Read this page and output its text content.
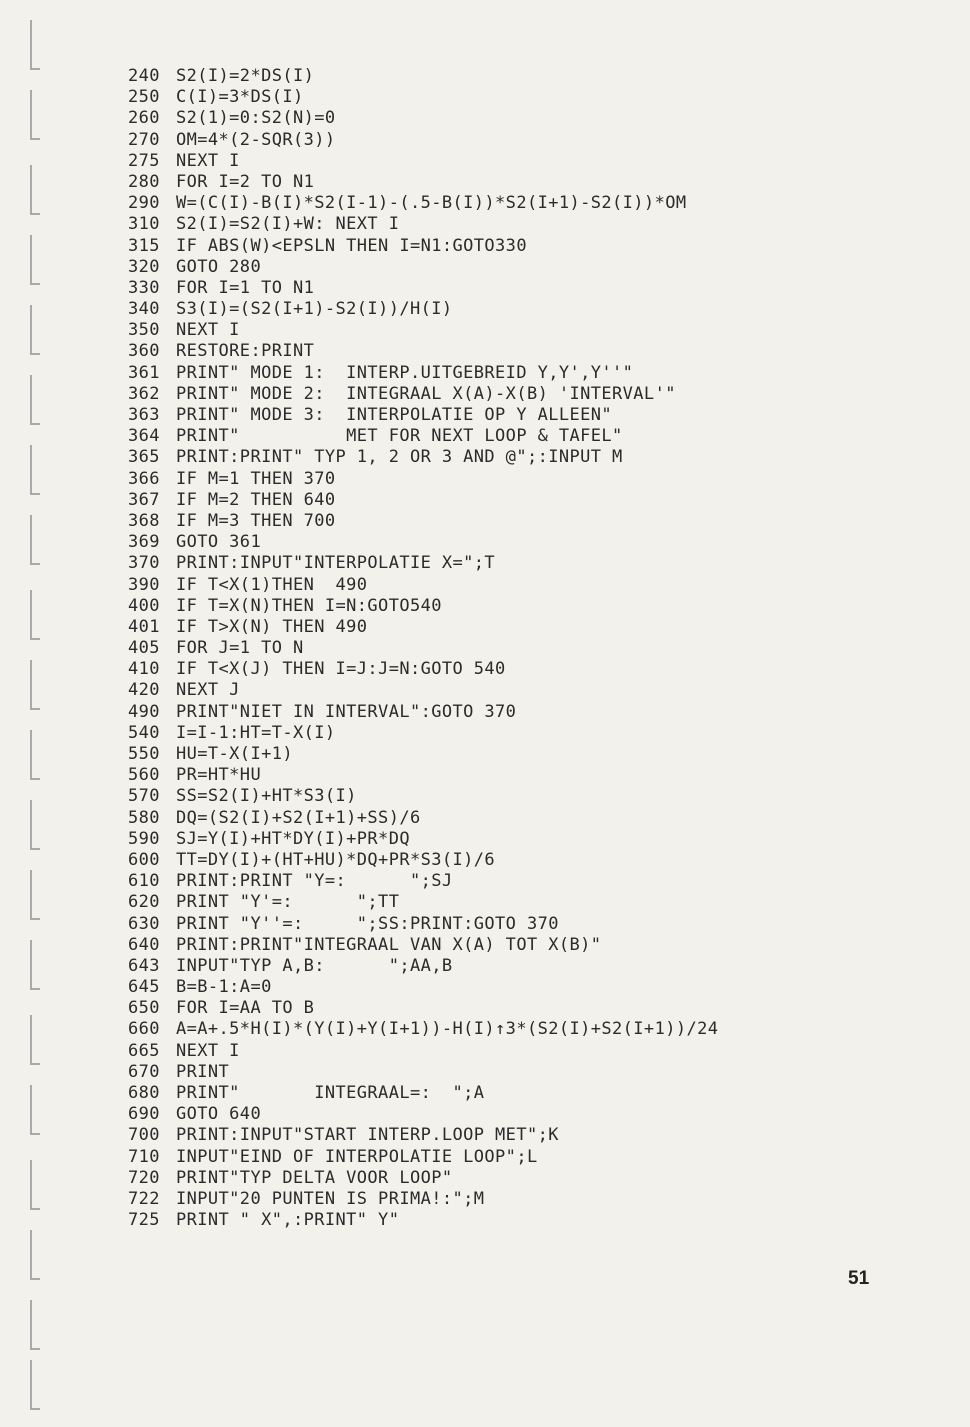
240 S2(I)=2*DS(I)
250 C(I)=3*DS(I)
260 S2(1)=0:S2(N)=0
270 OM=4*(2-SQR(3))
275 NEXT I
280 FOR I=2 TO N1
290 W=(C(I)-B(I)*S2(I-1)-(.5-B(I))*S2(I+1)-S2(I))*OM
310 S2(I)=S2(I)+W: NEXT I
315 IF ABS(W)<EPSLN THEN I=N1:GOTO330
320 GOTO 280
330 FOR I=1 TO N1
340 S3(I)=(S2(I+1)-S2(I))/H(I)
350 NEXT I
360 RESTORE:PRINT
361 PRINT" MODE 1:  INTERP.UITGEBREID Y,Y',Y''"
362 PRINT" MODE 2:  INTEGRAAL X(A)-X(B) 'INTERVAL'"
363 PRINT" MODE 3:  INTERPOLATIE OP Y ALLEEN"
364 PRINT"          MET FOR NEXT LOOP & TAFEL"
365 PRINT:PRINT" TYP 1, 2 OR 3 AND @";:INPUT M
366 IF M=1 THEN 370
367 IF M=2 THEN 640
368 IF M=3 THEN 700
369 GOTO 361
370 PRINT:INPUT"INTERPOLATIE X=";T
390 IF T<X(1)THEN  490
400 IF T=X(N)THEN I=N:GOTO540
401 IF T>X(N) THEN 490
405 FOR J=1 TO N
410 IF T<X(J) THEN I=J:J=N:GOTO 540
420 NEXT J
490 PRINT"NIET IN INTERVAL":GOTO 370
540 I=I-1:HT=T-X(I)
550 HU=T-X(I+1)
560 PR=HT*HU
570 SS=S2(I)+HT*S3(I)
580 DQ=(S2(I)+S2(I+1)+SS)/6
590 SJ=Y(I)+HT*DY(I)+PR*DQ
600 TT=DY(I)+(HT+HU)*DQ+PR*S3(I)/6
610 PRINT:PRINT "Y=:      ";SJ
620 PRINT "Y'=:      ";TT
630 PRINT "Y''=:     ";SS:PRINT:GOTO 370
640 PRINT:PRINT"INTEGRAAL VAN X(A) TOT X(B)"
643 INPUT"TYP A,B:      ";AA,B
645 B=B-1:A=0
650 FOR I=AA TO B
660 A=A+.5*H(I)*(Y(I)+Y(I+1))-H(I)↑3*(S2(I)+S2(I+1))/24
665 NEXT I
670 PRINT
680 PRINT"       INTEGRAAL=:  ";A
690 GOTO 640
700 PRINT:INPUT"START INTERP.LOOP MET";K
710 INPUT"EIND OF INTERPOLATIE LOOP";L
720 PRINT"TYP DELTA VOOR LOOP"
722 INPUT"20 PUNTEN IS PRIMA!:";M
725 PRINT " X",:PRINT" Y"
51
